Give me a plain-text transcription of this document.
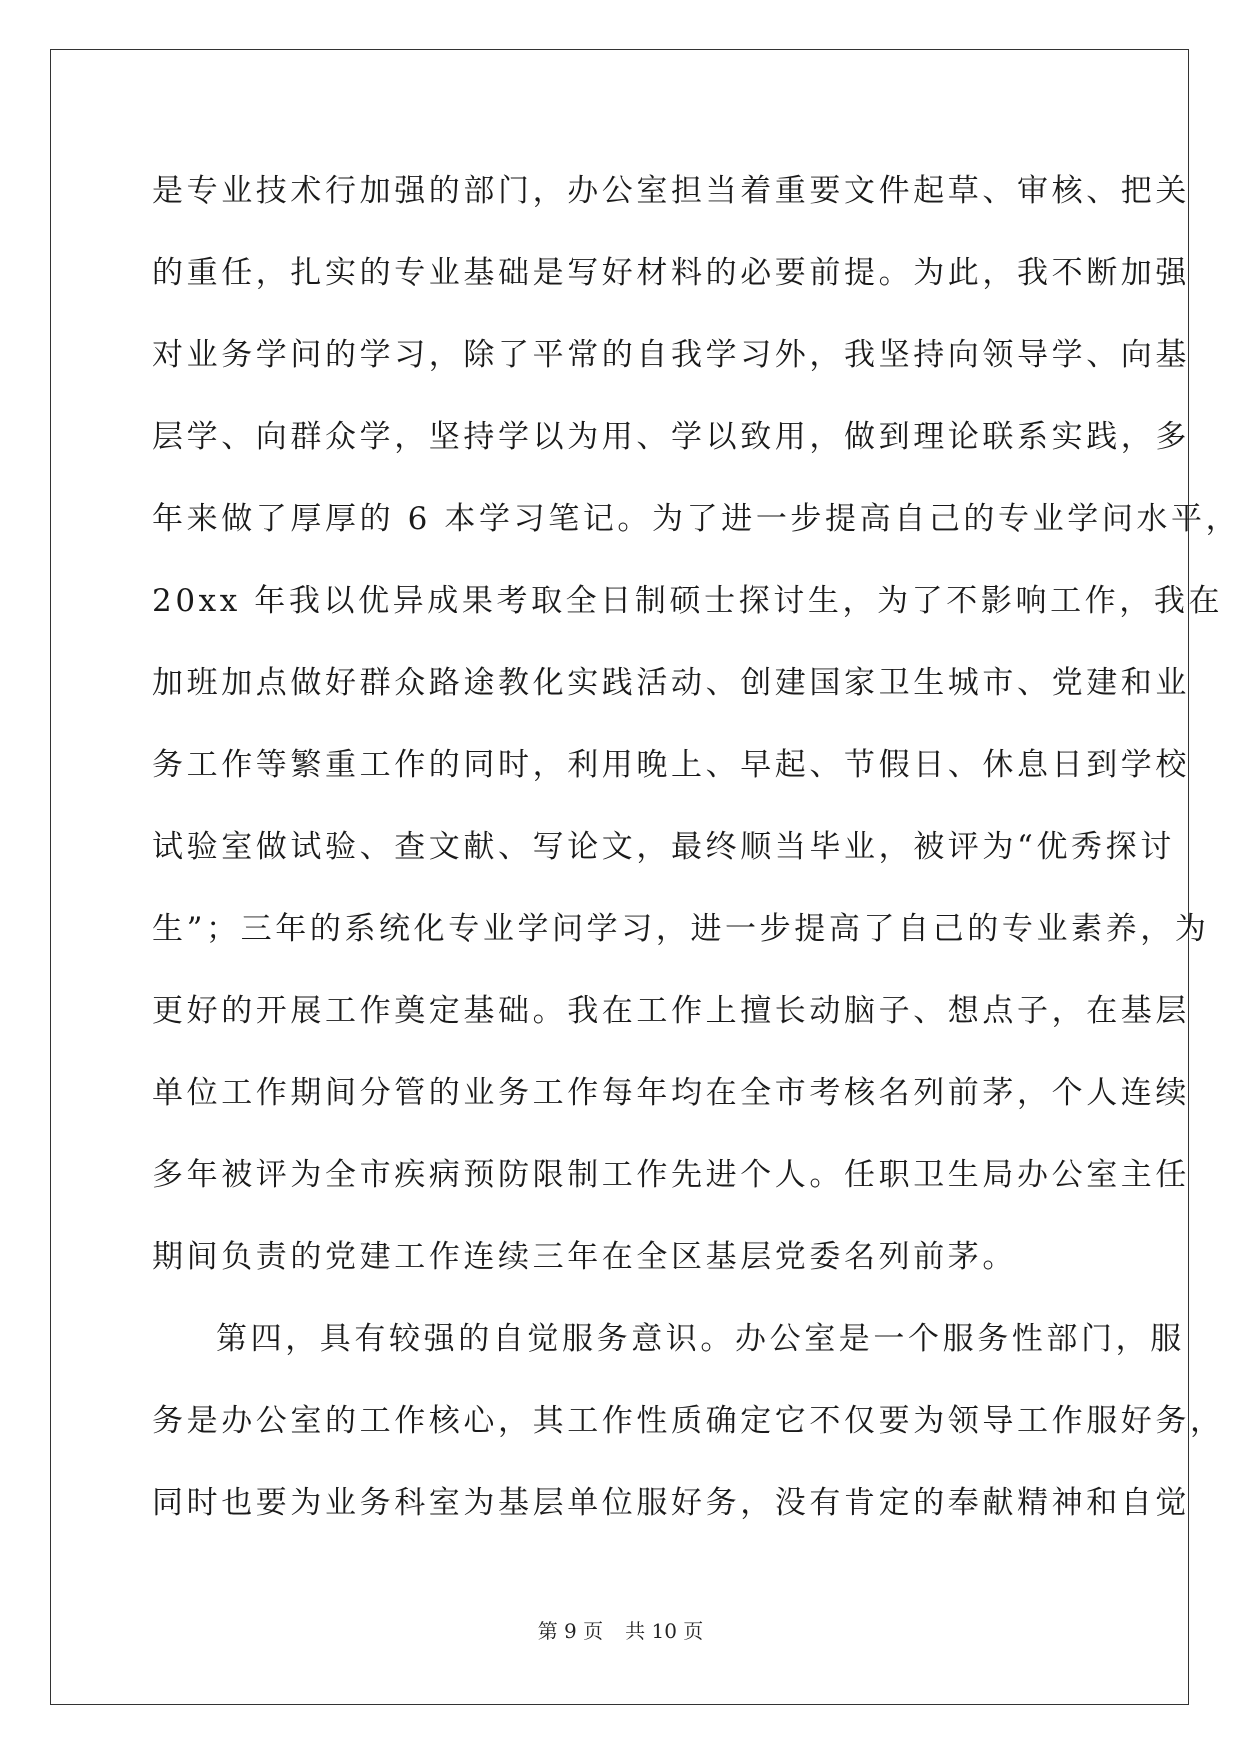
是专业技术行加强的部门，办公室担当着重要文件起草、审核、把关
的重任，扎实的专业基础是写好材料的必要前提。为此，我不断加强
对业务学问的学习，除了平常的自我学习外，我坚持向领导学、向基
层学、向群众学，坚持学以为用、学以致用，做到理论联系实践，多
年来做了厚厚的 6 本学习笔记。为了进一步提高自己的专业学问水平，
20xx 年我以优异成果考取全日制硕士探讨生，为了不影响工作，我在
加班加点做好群众路途教化实践活动、创建国家卫生城市、党建和业
务工作等繁重工作的同时，利用晚上、早起、节假日、休息日到学校
试验室做试验、查文献、写论文，最终顺当毕业，被评为“优秀探讨
生”；三年的系统化专业学问学习，进一步提高了自己的专业素养，为
更好的开展工作奠定基础。我在工作上擅长动脑子、想点子，在基层
单位工作期间分管的业务工作每年均在全市考核名列前茅，个人连续
多年被评为全市疾病预防限制工作先进个人。任职卫生局办公室主任
期间负责的党建工作连续三年在全区基层党委名列前茅。
第四，具有较强的自觉服务意识。办公室是一个服务性部门，服
务是办公室的工作核心，其工作性质确定它不仅要为领导工作服好务，
同时也要为业务科室为基层单位服好务，没有肯定的奉献精神和自觉
第 9 页 共 10 页
